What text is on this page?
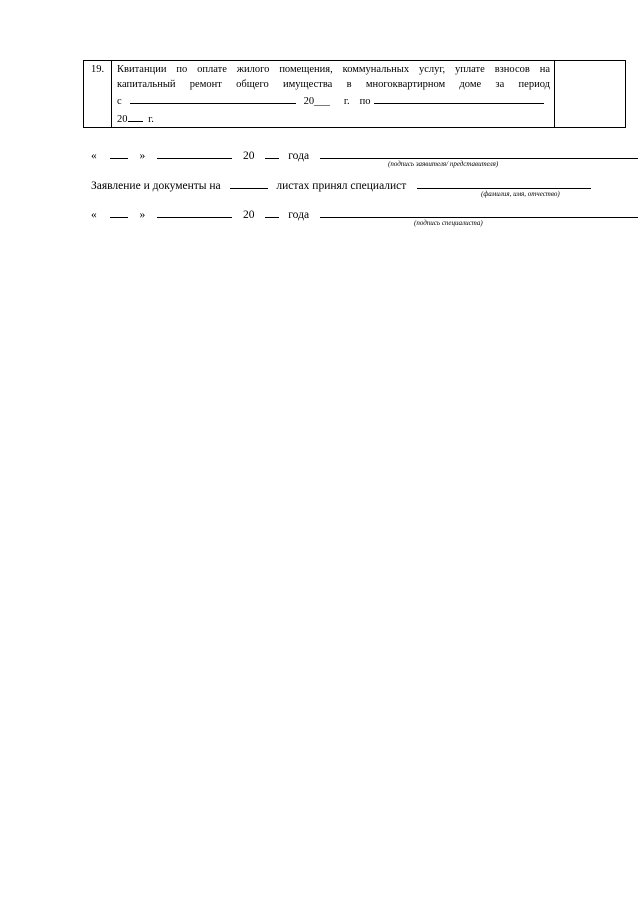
19.	Квитанции по оплате жилого помещения, коммунальных услуг, уплате взносов на
капитальный ремонт общего имущества в многоквартирном доме за период
с	20___ г. по
20 г.

«	»	20	года
(подпись заявителя/ представителя)
Заявление и документы на	листах принял специалист
(фамилия, имя, отчество)
«	»	20	года
(подпись специалиста)
